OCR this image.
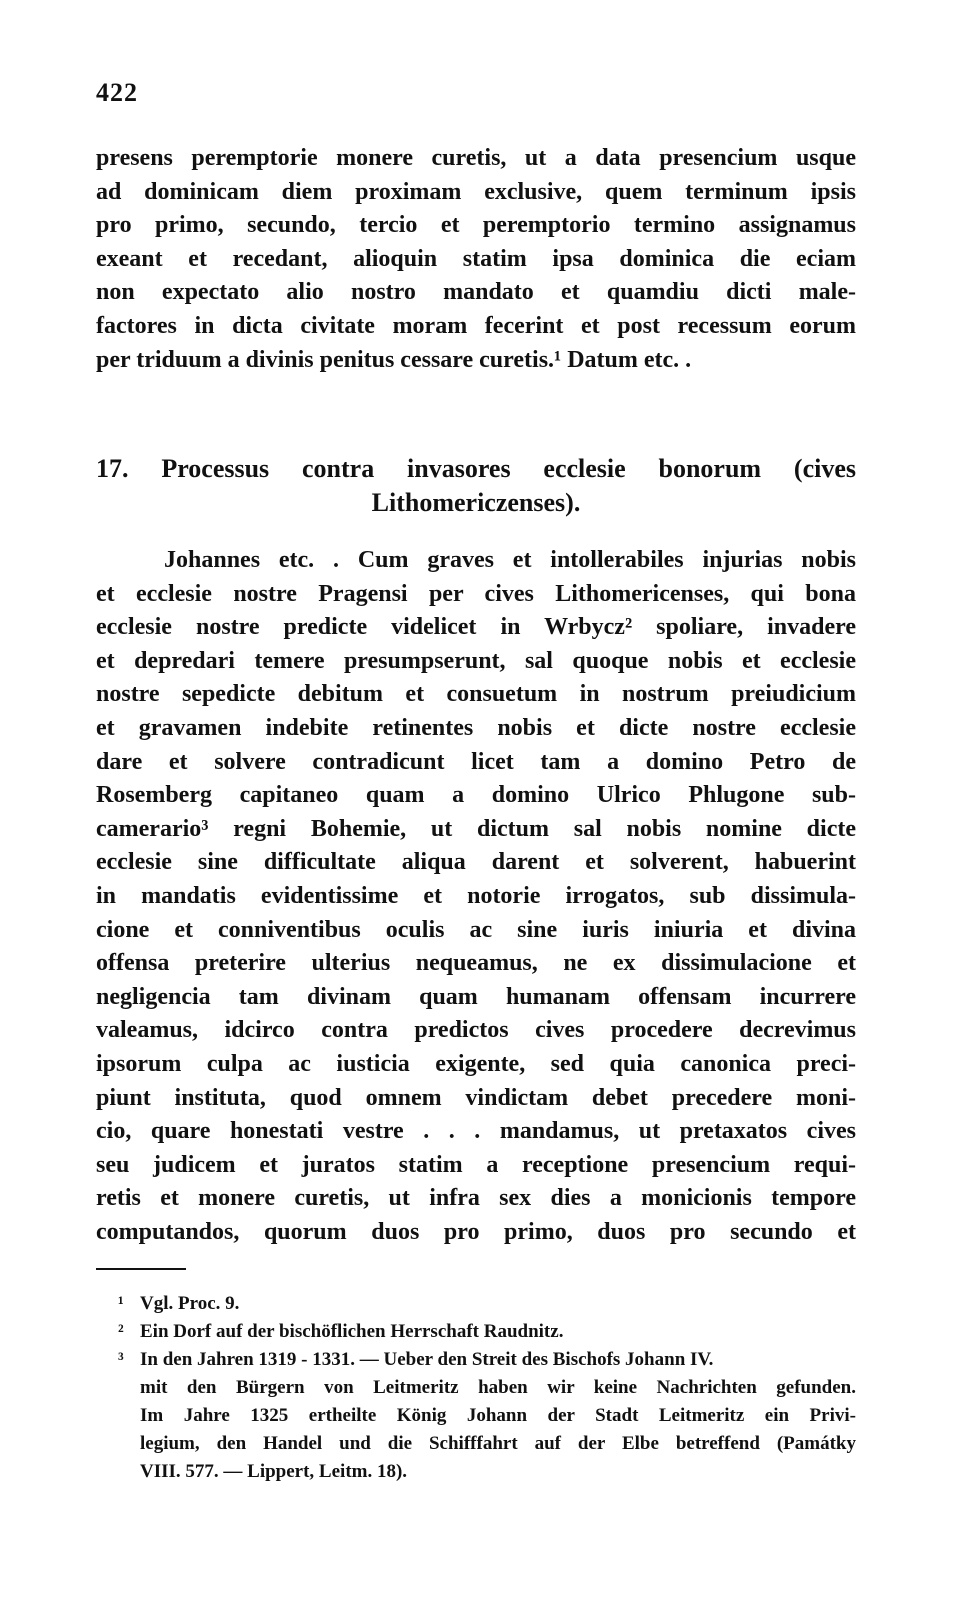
422
presens peremptorie monere curetis, ut a data presencium usque
ad dominicam diem proximam exclusive, quem terminum ipsis
pro primo, secundo, tercio et peremptorio termino assignamus
exeant et recedant, alioquin statim ipsa dominica die eciam
non expectato alio nostro mandato et quamdiu dicti male-
factores in dicta civitate moram fecerint et post recessum eorum
per triduum a divinis penitus cessare curetis.¹ Datum etc. .
17. Processus contra invasores ecclesie bonorum (cives
Lithomericzenses).
Johannes etc. . Cum graves et intollerabiles injurias nobis
et ecclesie nostre Pragensi per cives Lithomericenses, qui bona
ecclesie nostre predicte videlicet in Wrbycz² spoliare, invadere
et depredari temere presumpserunt, sal quoque nobis et ecclesie
nostre sepedicte debitum et consuetum in nostrum preiudicium
et gravamen indebite retinentes nobis et dicte nostre ecclesie
dare et solvere contradicunt licet tam a domino Petro de
Rosemberg capitaneo quam a domino Ulrico Phlugone sub-
camerario³ regni Bohemie, ut dictum sal nobis nomine dicte
ecclesie sine difficultate aliqua darent et solverent, habuerint
in mandatis evidentissime et notorie irrogatos, sub dissimula-
cione et conniventibus oculis ac sine iuris iniuria et divina
offensa preterire ulterius nequeamus, ne ex dissimulacione et
negligencia tam divinam quam humanam offensam incurrere
valeamus, idcirco contra predictos cives procedere decrevimus
ipsorum culpa ac iusticia exigente, sed quia canonica preci-
piunt instituta, quod omnem vindictam debet precedere moni-
cio, quare honestati vestre . . . mandamus, ut pretaxatos cives
seu judicem et juratos statim a receptione presencium requi-
retis et monere curetis, ut infra sex dies a monicionis tempore
computandos, quorum duos pro primo, duos pro secundo et
¹ Vgl. Proc. 9.
² Ein Dorf auf der bischöflichen Herrschaft Raudnitz.
³ In den Jahren 1319 - 1331. — Ueber den Streit des Bischofs Johann IV.
mit den Bürgern von Leitmeritz haben wir keine Nachrichten gefunden.
Im Jahre 1325 ertheilte König Johann der Stadt Leitmeritz ein Privi-
legium, den Handel und die Schifffahrt auf der Elbe betreffend (Památky
VIII. 577. — Lippert, Leitm. 18).
